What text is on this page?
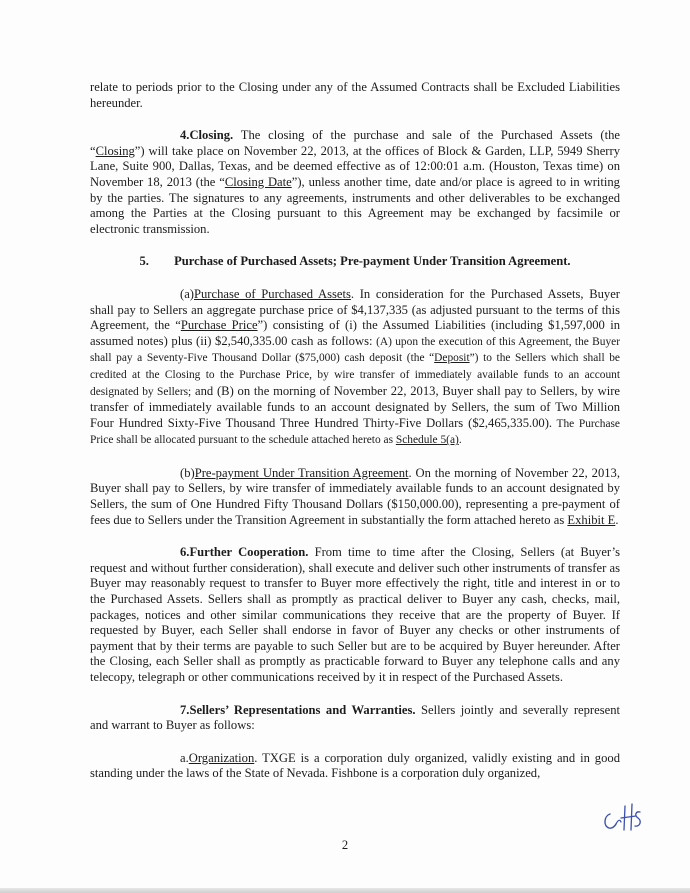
relate to periods prior to the Closing under any of the Assumed Contracts shall be Excluded Liabilities hereunder.

4.Closing. The closing of the purchase and sale of the Purchased Assets (the “Closing”) will take place on November 22, 2013, at the offices of Block & Garden, LLP, 5949 Sherry Lane, Suite 900, Dallas, Texas, and be deemed effective as of 12:00:01 a.m. (Houston, Texas time) on November 18, 2013 (the “Closing Date”), unless another time, date and/or place is agreed to in writing by the parties. The signatures to any agreements, instruments and other deliverables to be exchanged among the Parties at the Closing pursuant to this Agreement may be exchanged by facsimile or electronic transmission.

5.        Purchase of Purchased Assets; Pre-payment Under Transition Agreement.

(a)Purchase of Purchased Assets. In consideration for the Purchased Assets, Buyer shall pay to Sellers an aggregate purchase price of $4,137,335 (as adjusted pursuant to the terms of this Agreement, the “Purchase Price”) consisting of (i) the Assumed Liabilities (including $1,597,000 in assumed notes) plus (ii) $2,540,335.00 cash as follows: (A) upon the execution of this Agreement, the Buyer shall pay a Seventy-Five Thousand Dollar ($75,000) cash deposit (the “Deposit”) to the Sellers which shall be credited at the Closing to the Purchase Price, by wire transfer of immediately available funds to an account designated by Sellers; and (B) on the morning of November 22, 2013, Buyer shall pay to Sellers, by wire transfer of immediately available funds to an account designated by Sellers, the sum of Two Million Four Hundred Sixty-Five Thousand Three Hundred Thirty-Five Dollars ($2,465,335.00). The Purchase Price shall be allocated pursuant to the schedule attached hereto as Schedule 5(a).

(b)Pre-payment Under Transition Agreement. On the morning of November 22, 2013, Buyer shall pay to Sellers, by wire transfer of immediately available funds to an account designated by Sellers, the sum of One Hundred Fifty Thousand Dollars ($150,000.00), representing a pre-payment of fees due to Sellers under the Transition Agreement in substantially the form attached hereto as Exhibit E.

6.Further Cooperation. From time to time after the Closing, Sellers (at Buyer’s request and without further consideration), shall execute and deliver such other instruments of transfer as Buyer may reasonably request to transfer to Buyer more effectively the right, title and interest in or to the Purchased Assets. Sellers shall as promptly as practical deliver to Buyer any cash, checks, mail, packages, notices and other similar communications they receive that are the property of Buyer. If requested by Buyer, each Seller shall endorse in favor of Buyer any checks or other instruments of payment that by their terms are payable to such Seller but are to be acquired by Buyer hereunder. After the Closing, each Seller shall as promptly as practicable forward to Buyer any telephone calls and any telecopy, telegraph or other communications received by it in respect of the Purchased Assets.

7.Sellers’ Representations and Warranties. Sellers jointly and severally represent and warrant to Buyer as follows:

a.Organization. TXGE is a corporation duly organized, validly existing and in good standing under the laws of the State of Nevada. Fishbone is a corporation duly organized,

2
